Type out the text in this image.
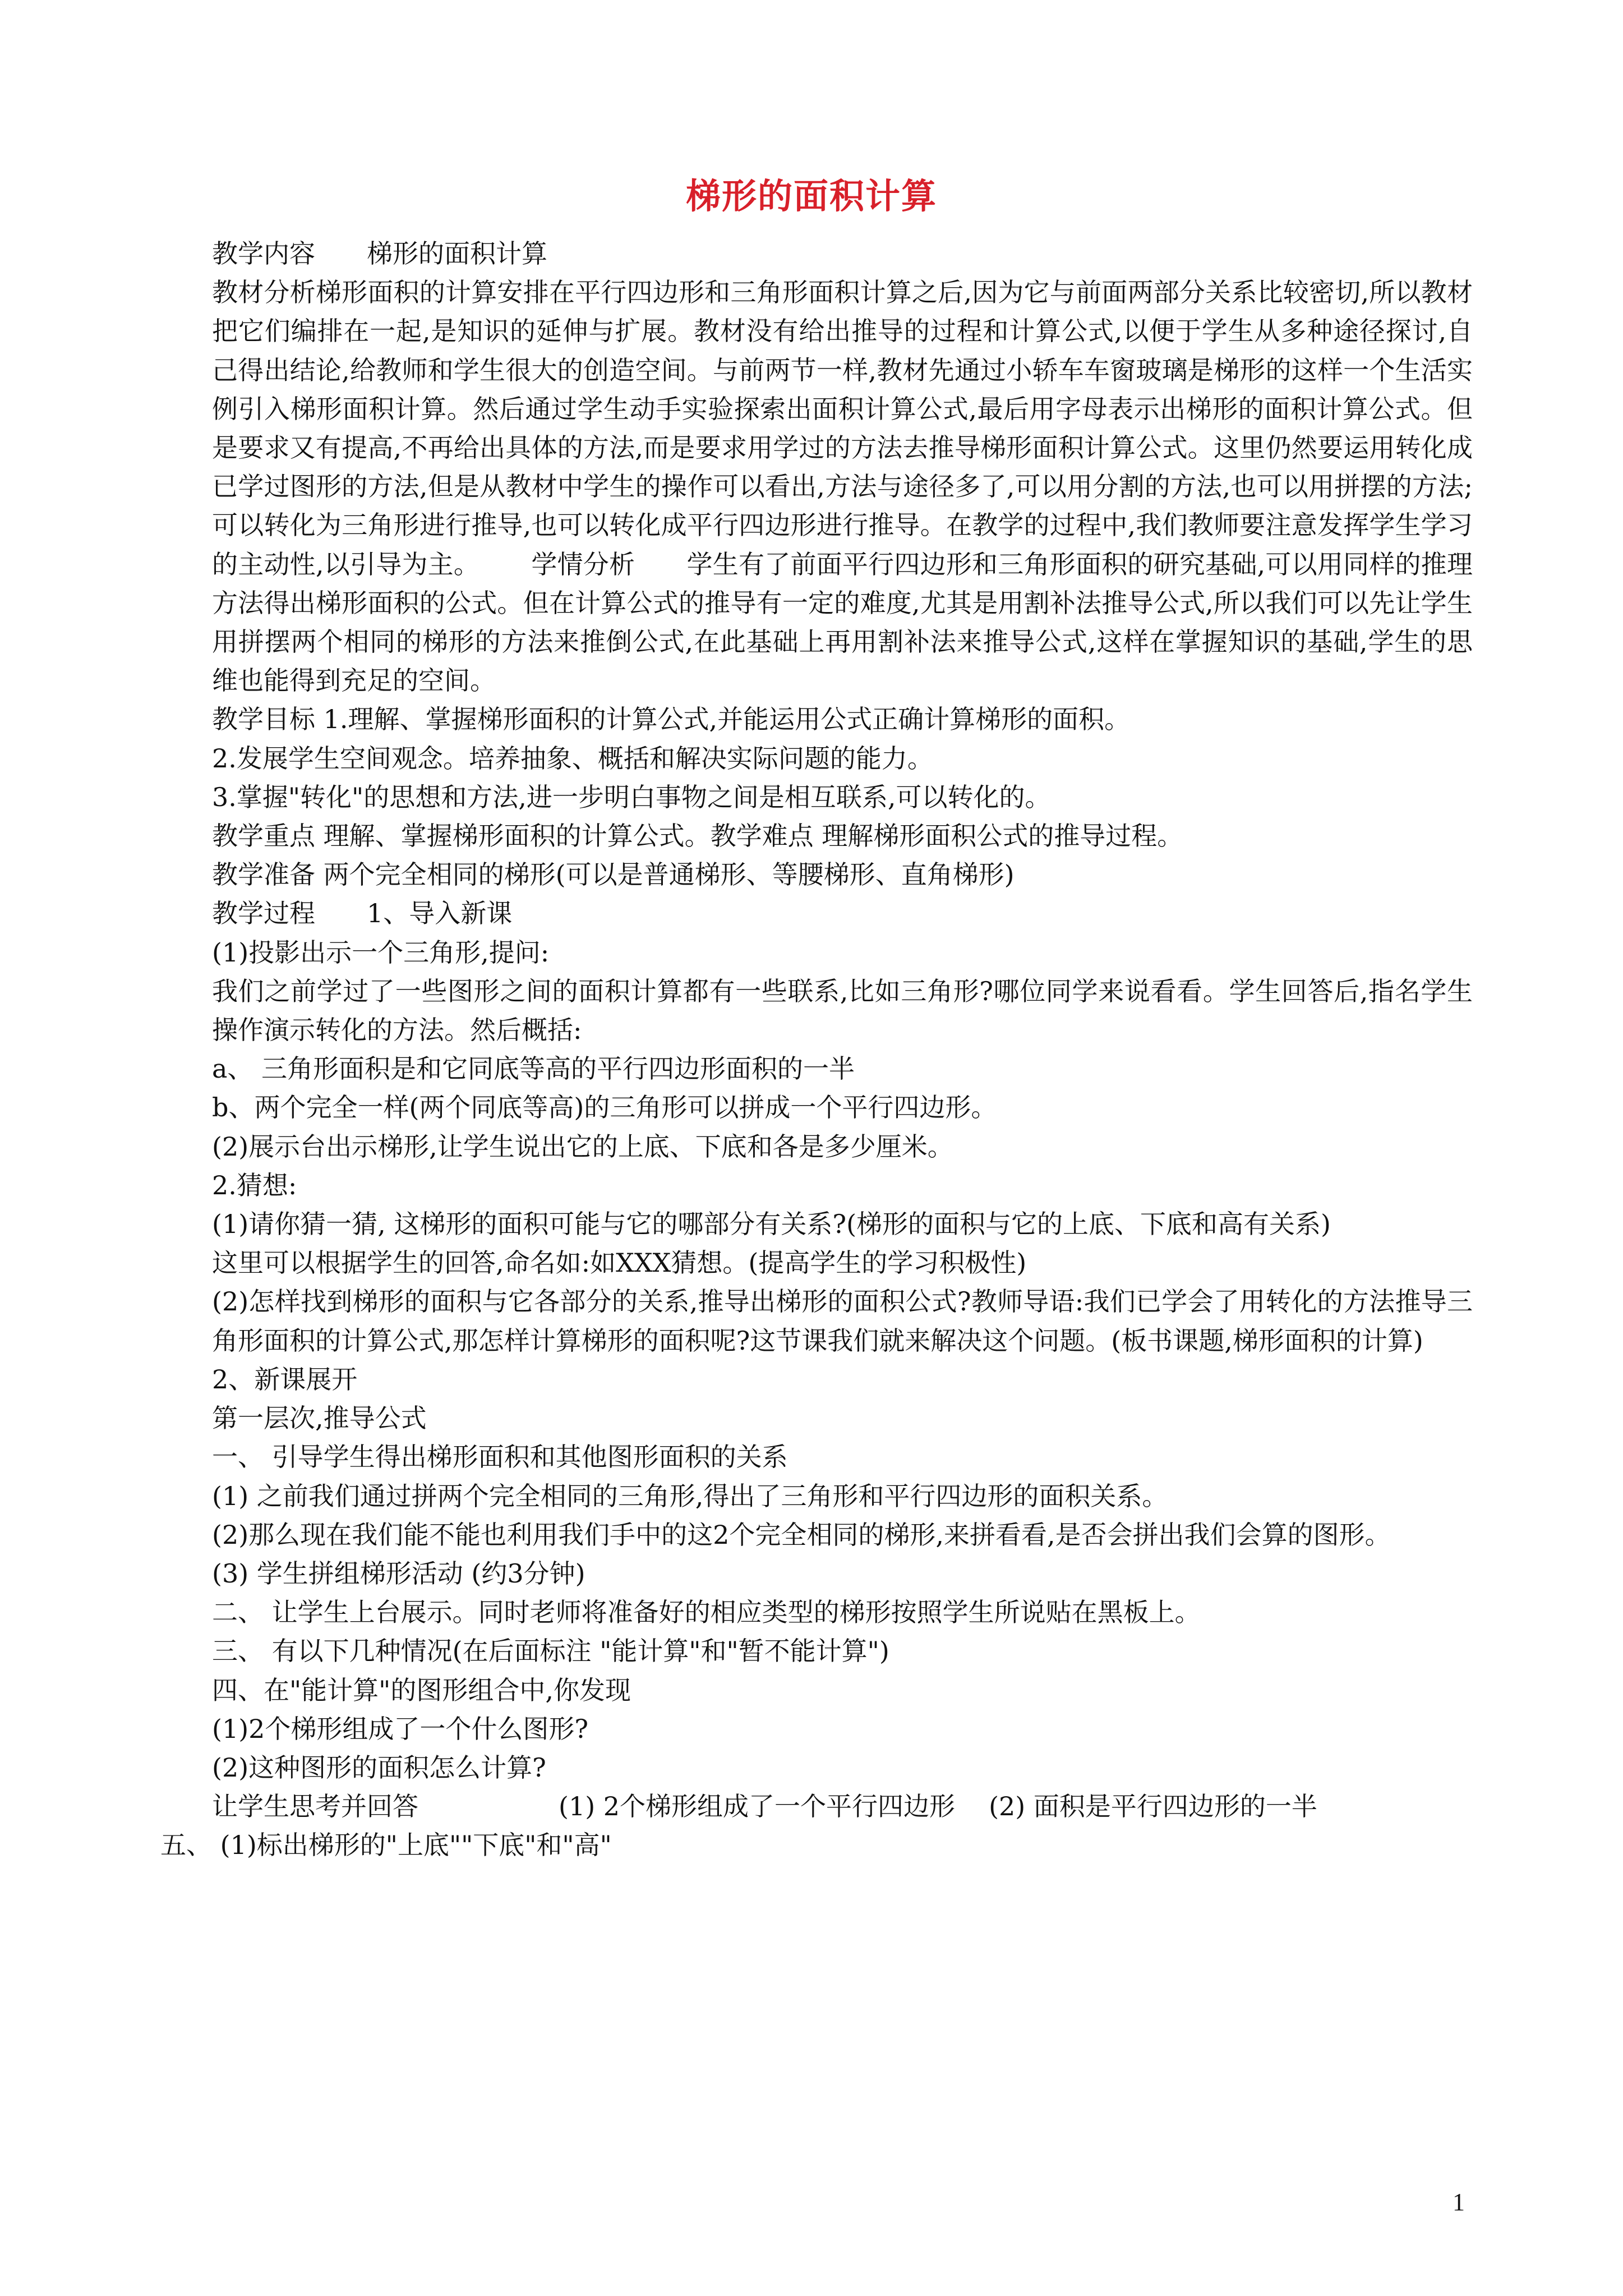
梯形的面积计算

教学内容 梯形的面积计算

教材分析梯形面积的计算安排在平行四边形和三角形面积计算之后,因为它与前面两部分关系比较密切,所以教材把它们编排在一起,是知识的延伸与扩展。教材没有给出推导的过程和计算公式,以便于学生从多种途径探讨,自己得出结论,给教师和学生很大的创造空间。与前两节一样,教材先通过小轿车车窗玻璃是梯形的这样一个生活实例引入梯形面积计算。然后通过学生动手实验探索出面积计算公式,最后用字母表示出梯形的面积计算公式。但是要求又有提高,不再给出具体的方法,而是要求用学过的方法去推导梯形面积计算公式。这里仍然要运用转化成已学过图形的方法,但是从教材中学生的操作可以看出,方法与途径多了,可以用分割的方法,也可以用拼摆的方法;可以转化为三角形进行推导,也可以转化成平行四边形进行推导。在教学的过程中,我们教师要注意发挥学生学习的主动性,以引导为主。 学情分析 学生有了前面平行四边形和三角形面积的研究基础,可以用同样的推理方法得出梯形面积的公式。但在计算公式的推导有一定的难度,尤其是用割补法推导公式,所以我们可以先让学生用拼摆两个相同的梯形的方法来推倒公式,在此基础上再用割补法来推导公式,这样在掌握知识的基础,学生的思维也能得到充足的空间。

教学目标 1.理解、掌握梯形面积的计算公式,并能运用公式正确计算梯形的面积。

2.发展学生空间观念。培养抽象、概括和解决实际问题的能力。

3.掌握"转化"的思想和方法,进一步明白事物之间是相互联系,可以转化的。

教学重点 理解、掌握梯形面积的计算公式。教学难点 理解梯形面积公式的推导过程。

教学准备 两个完全相同的梯形(可以是普通梯形、等腰梯形、直角梯形)

教学过程 1、导入新课

(1)投影出示一个三角形,提问:

我们之前学过了一些图形之间的面积计算都有一些联系,比如三角形?哪位同学来说看看。学生回答后,指名学生操作演示转化的方法。然后概括:

a、 三角形面积是和它同底等高的平行四边形面积的一半

b、两个完全一样(两个同底等高)的三角形可以拼成一个平行四边形。

(2)展示台出示梯形,让学生说出它的上底、下底和各是多少厘米。

2.猜想:

(1)请你猜一猜, 这梯形的面积可能与它的哪部分有关系?(梯形的面积与它的上底、下底和高有关系)

这里可以根据学生的回答,命名如:如XXX猜想。(提高学生的学习积极性)

(2)怎样找到梯形的面积与它各部分的关系,推导出梯形的面积公式?教师导语:我们已学会了用转化的方法推导三角形面积的计算公式,那怎样计算梯形的面积呢?这节课我们就来解决这个问题。(板书课题,梯形面积的计算)

2、新课展开

第一层次,推导公式

一、 引导学生得出梯形面积和其他图形面积的关系

(1) 之前我们通过拼两个完全相同的三角形,得出了三角形和平行四边形的面积关系。

(2)那么现在我们能不能也利用我们手中的这2个完全相同的梯形,来拼看看,是否会拼出我们会算的图形。

(3) 学生拼组梯形活动 (约3分钟)

二、 让学生上台展示。同时老师将准备好的相应类型的梯形按照学生所说贴在黑板上。

三、 有以下几种情况(在后面标注 "能计算"和"暂不能计算")

四、在"能计算"的图形组合中,你发现

(1)2个梯形组成了一个什么图形?

(2)这种图形的面积怎么计算?

让学生思考并回答	(1) 2个梯形组成了一个平行四边形 (2) 面积是平行四边形的一半

五、 (1)标出梯形的"上底""下底"和"高"

1
